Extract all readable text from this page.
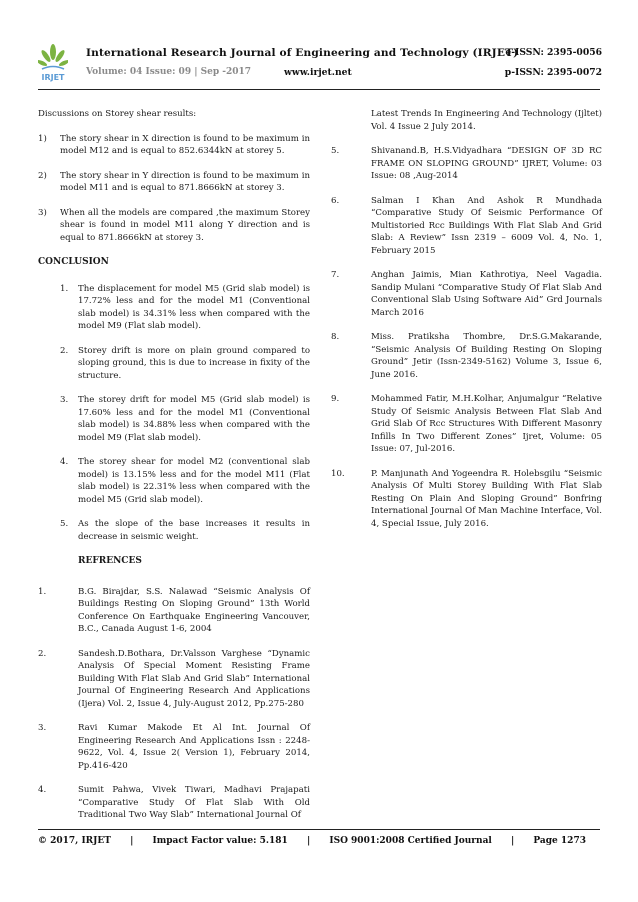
IRJET
International Research Journal of Engineering and Technology (IRJET)
e-ISSN: 2395-0056
Volume: 04 Issue: 09 | Sep -2017	www.irjet.net	p-ISSN: 2395-0072
Discussions on Storey shear results:
1)	The story shear in X direction is found to be maximum in model M12 and is equal to 852.6344kN at storey 5.
2)	The story shear in Y direction is found to be maximum in model M11 and is equal to 871.8666kN at storey 3.
3)	When all the models are compared ,the maximum Storey shear is found in model M11 along Y direction and is equal to 871.8666kN at storey 3.
CONCLUSION
1.	The displacement for model M5 (Grid slab model) is 17.72% less and for the model M1 (Conventional slab model) is 34.31% less when compared with the model M9 (Flat slab model).
2.	Storey drift is more on plain ground compared to sloping ground, this is due to increase in fixity of the structure.
3.	The storey drift for model M5 (Grid slab model) is 17.60% less and for the model M1 (Conventional slab model) is 34.88% less when compared with the model M9 (Flat slab model).
4.	The storey shear for model M2 (conventional slab model) is 13.15% less and for the model M11 (Flat slab model) is 22.31% less when compared with the model M5 (Grid slab model).
5.	As the slope of the base increases it results in decrease in seismic weight.
REFRENCES
1.	B.G. Birajdar, S.S. Nalawad “Seismic Analysis Of Buildings Resting On Sloping Ground” 13th World Conference On Earthquake Engineering Vancouver, B.C., Canada August 1-6, 2004
2.	Sandesh.D.Bothara, Dr.Valsson Varghese “Dynamic Analysis Of Special Moment Resisting Frame Building With Flat Slab And Grid Slab” International Journal Of Engineering Research And Applications (Ijera) Vol. 2, Issue 4, July-August 2012, Pp.275-280
3.	Ravi Kumar Makode Et Al Int. Journal Of Engineering Research And Applications Issn : 2248-9622, Vol. 4, Issue 2( Version 1), February 2014, Pp.416-420
4.	Sumit Pahwa, Vivek Tiwari, Madhavi Prajapati “Comparative Study Of Flat Slab With Old Traditional Two Way Slab” International Journal Of
Latest Trends In Engineering And Technology (Ijltet) Vol. 4 Issue 2 July 2014.
5.	Shivanand.B, H.S.Vidyadhara “DESIGN OF 3D RC FRAME ON SLOPING GROUND” IJRET, Volume: 03 Issue: 08 ,Aug-2014
6.	Salman I Khan And Ashok R Mundhada “Comparative Study Of Seismic Performance Of Multistoried Rcc Buildings With Flat Slab And Grid Slab: A Review” Issn 2319 – 6009 Vol. 4, No. 1, February 2015
7.	Anghan Jaimis, Mian Kathrotiya, Neel Vagadia. Sandip Mulani “Comparative Study Of Flat Slab And Conventional Slab Using Software Aid” Grd Journals March 2016
8.	Miss. Pratiksha Thombre, Dr.S.G.Makarande, “Seismic Analysis Of Building Resting On Sloping Ground” Jetir (Issn-2349-5162) Volume 3, Issue 6, June 2016.
9.	Mohammed Fatir, M.H.Kolhar, Anjumalgur “Relative Study Of Seismic Analysis Between Flat Slab And Grid Slab Of Rcc Structures With Different Masonry Infills In Two Different Zones” Ijret, Volume: 05 Issue: 07, Jul-2016.
10.	P. Manjunath And Yogeendra R. Holebsgilu “Seismic Analysis Of Multi Storey Building With Flat Slab Resting On Plain And Sloping Ground” Bonfring International Journal Of Man Machine Interface, Vol. 4, Special Issue, July 2016.
© 2017, IRJET | Impact Factor value: 5.181 | ISO 9001:2008 Certified Journal | Page 1273
